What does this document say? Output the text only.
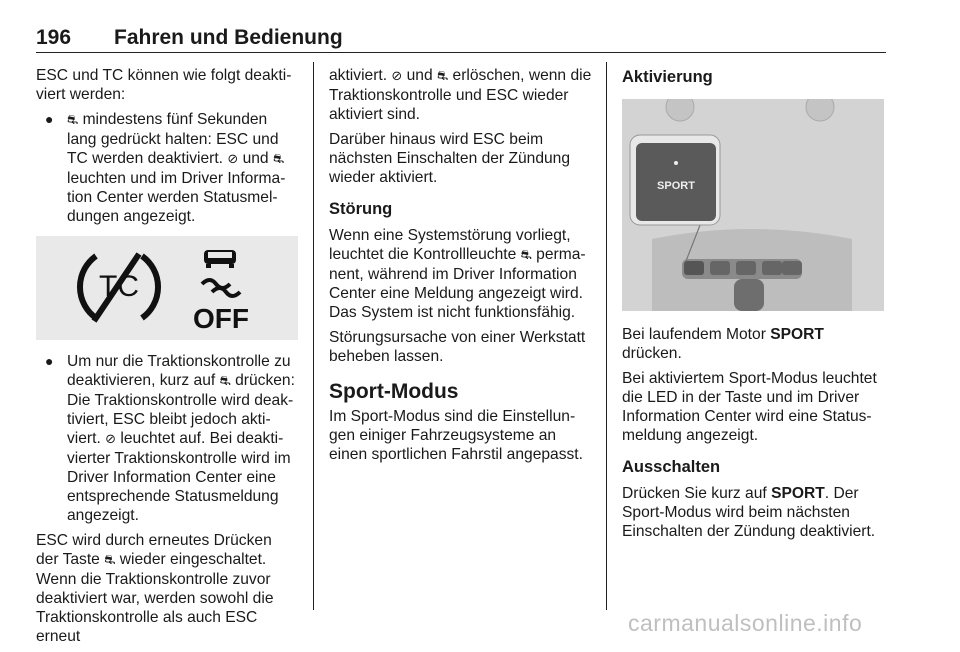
196 Fahren und Bedienung

ESC und TC können wie folgt deaktiviert werden:

● ⛐ mindestens fünf Sekunden lang gedrückt halten: ESC und TC werden deaktiviert. ⊘ und ⛐ leuchten und im Driver Information Center werden Statusmeldungen angezeigt.
TC
OFF
● Um nur die Traktionskontrolle zu deaktivieren, kurz auf ⛐ drücken: Die Traktionskontrolle wird deaktiviert, ESC bleibt jedoch aktiviert. ⊘ leuchtet auf. Bei deaktivierter Traktionskontrolle wird im Driver Information Center eine entsprechende Statusmeldung angezeigt.

ESC wird durch erneutes Drücken der Taste ⛐ wieder eingeschaltet. Wenn die Traktionskontrolle zuvor deaktiviert war, werden sowohl die Traktionskontrolle als auch ESC erneut

aktiviert. ⊘ und ⛐ erlöschen, wenn die Traktionskontrolle und ESC wieder aktiviert sind.

Darüber hinaus wird ESC beim nächsten Einschalten der Zündung wieder aktiviert.

Störung

Wenn eine Systemstörung vorliegt, leuchtet die Kontrollleuchte ⛐ permanent, während im Driver Information Center eine Meldung angezeigt wird. Das System ist nicht funktionsfähig.

Störungsursache von einer Werkstatt beheben lassen.

Sport-Modus

Im Sport-Modus sind die Einstellungen einiger Fahrzeugsysteme an einen sportlichen Fahrstil angepasst.

Aktivierung
SPORT

Bei laufendem Motor SPORT drücken.

Bei aktiviertem Sport-Modus leuchtet die LED in der Taste und im Driver Information Center wird eine Statusmeldung angezeigt.

Ausschalten

Drücken Sie kurz auf SPORT. Der Sport-Modus wird beim nächsten Einschalten der Zündung deaktiviert.

carmanualsonline.info
